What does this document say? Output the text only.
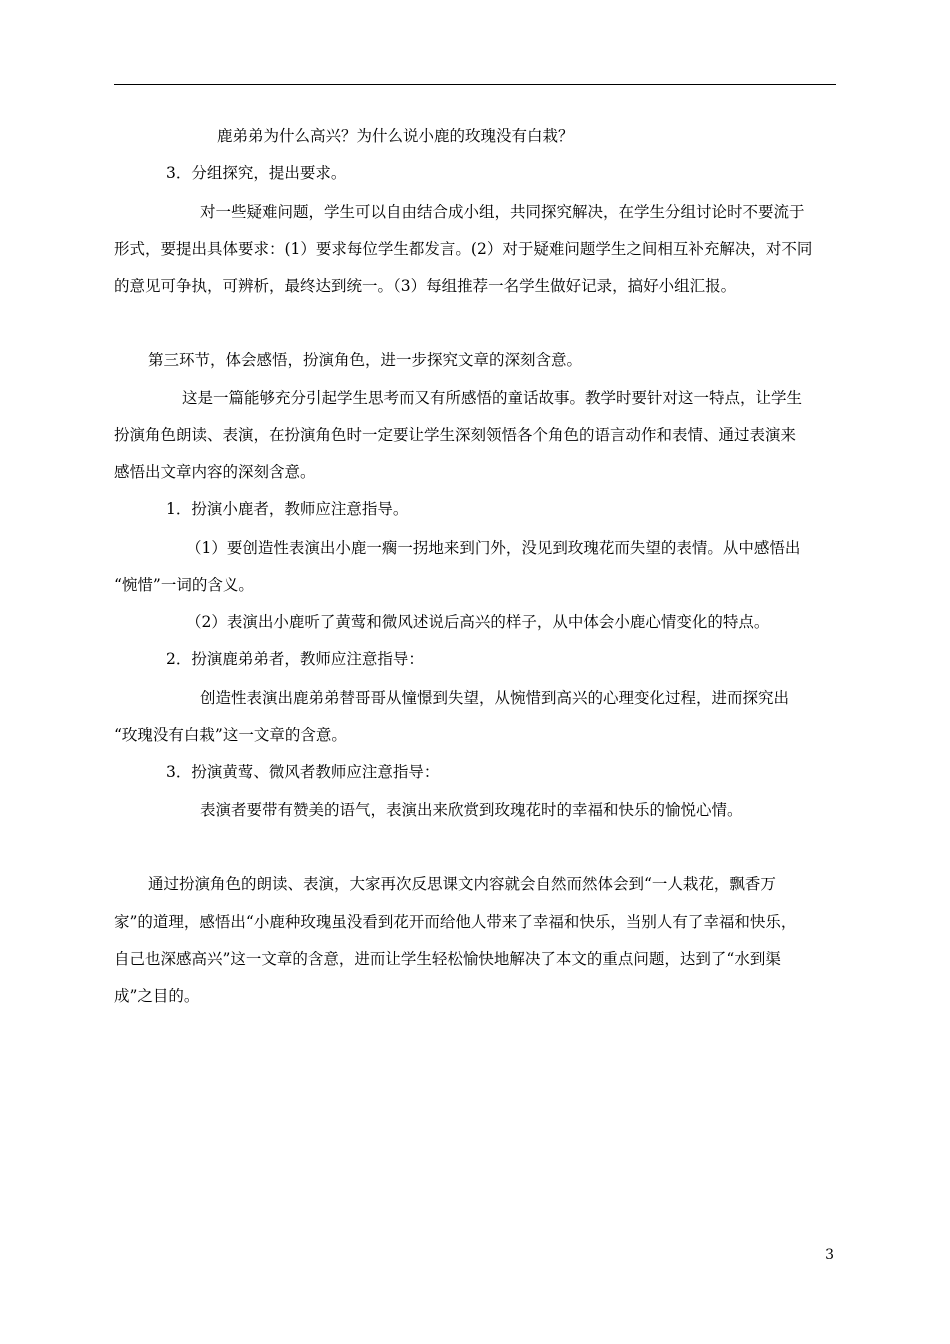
鹿弟弟为什么高兴？为什么说小鹿的玫瑰没有白栽？
3．分组探究，提出要求。
对一些疑难问题，学生可以自由结合成小组，共同探究解决，在学生分组讨论时不要流于
形式，要提出具体要求：(1）要求每位学生都发言。(2）对于疑难问题学生之间相互补充解决，对不同
的意见可争执，可辨析，最终达到统一。（3）每组推荐一名学生做好记录，搞好小组汇报。
第三环节，体会感悟，扮演角色，进一步探究文章的深刻含意。
这是一篇能够充分引起学生思考而又有所感悟的童话故事。教学时要针对这一特点，让学生
扮演角色朗读、表演，在扮演角色时一定要让学生深刻领悟各个角色的语言动作和表情、通过表演来
感悟出文章内容的深刻含意。
1．扮演小鹿者，教师应注意指导。
（1）要创造性表演出小鹿一瘸一拐地来到门外，没见到玫瑰花而失望的表情。从中感悟出
“惋惜”一词的含义。
（2）表演出小鹿听了黄莺和微风述说后高兴的样子，从中体会小鹿心情变化的特点。
2．扮演鹿弟弟者，教师应注意指导：
创造性表演出鹿弟弟替哥哥从憧憬到失望，从惋惜到高兴的心理变化过程，进而探究出
“玫瑰没有白栽”这一文章的含意。
3．扮演黄莺、微风者教师应注意指导：
表演者要带有赞美的语气，表演出来欣赏到玫瑰花时的幸福和快乐的愉悦心情。
通过扮演角色的朗读、表演，大家再次反思课文内容就会自然而然体会到“一人栽花，飘香万
家”的道理，感悟出“小鹿种玫瑰虽没看到花开而给他人带来了幸福和快乐，当别人有了幸福和快乐，
自己也深感高兴”这一文章的含意，进而让学生轻松愉快地解决了本文的重点问题，达到了“水到渠
成”之目的。
3
